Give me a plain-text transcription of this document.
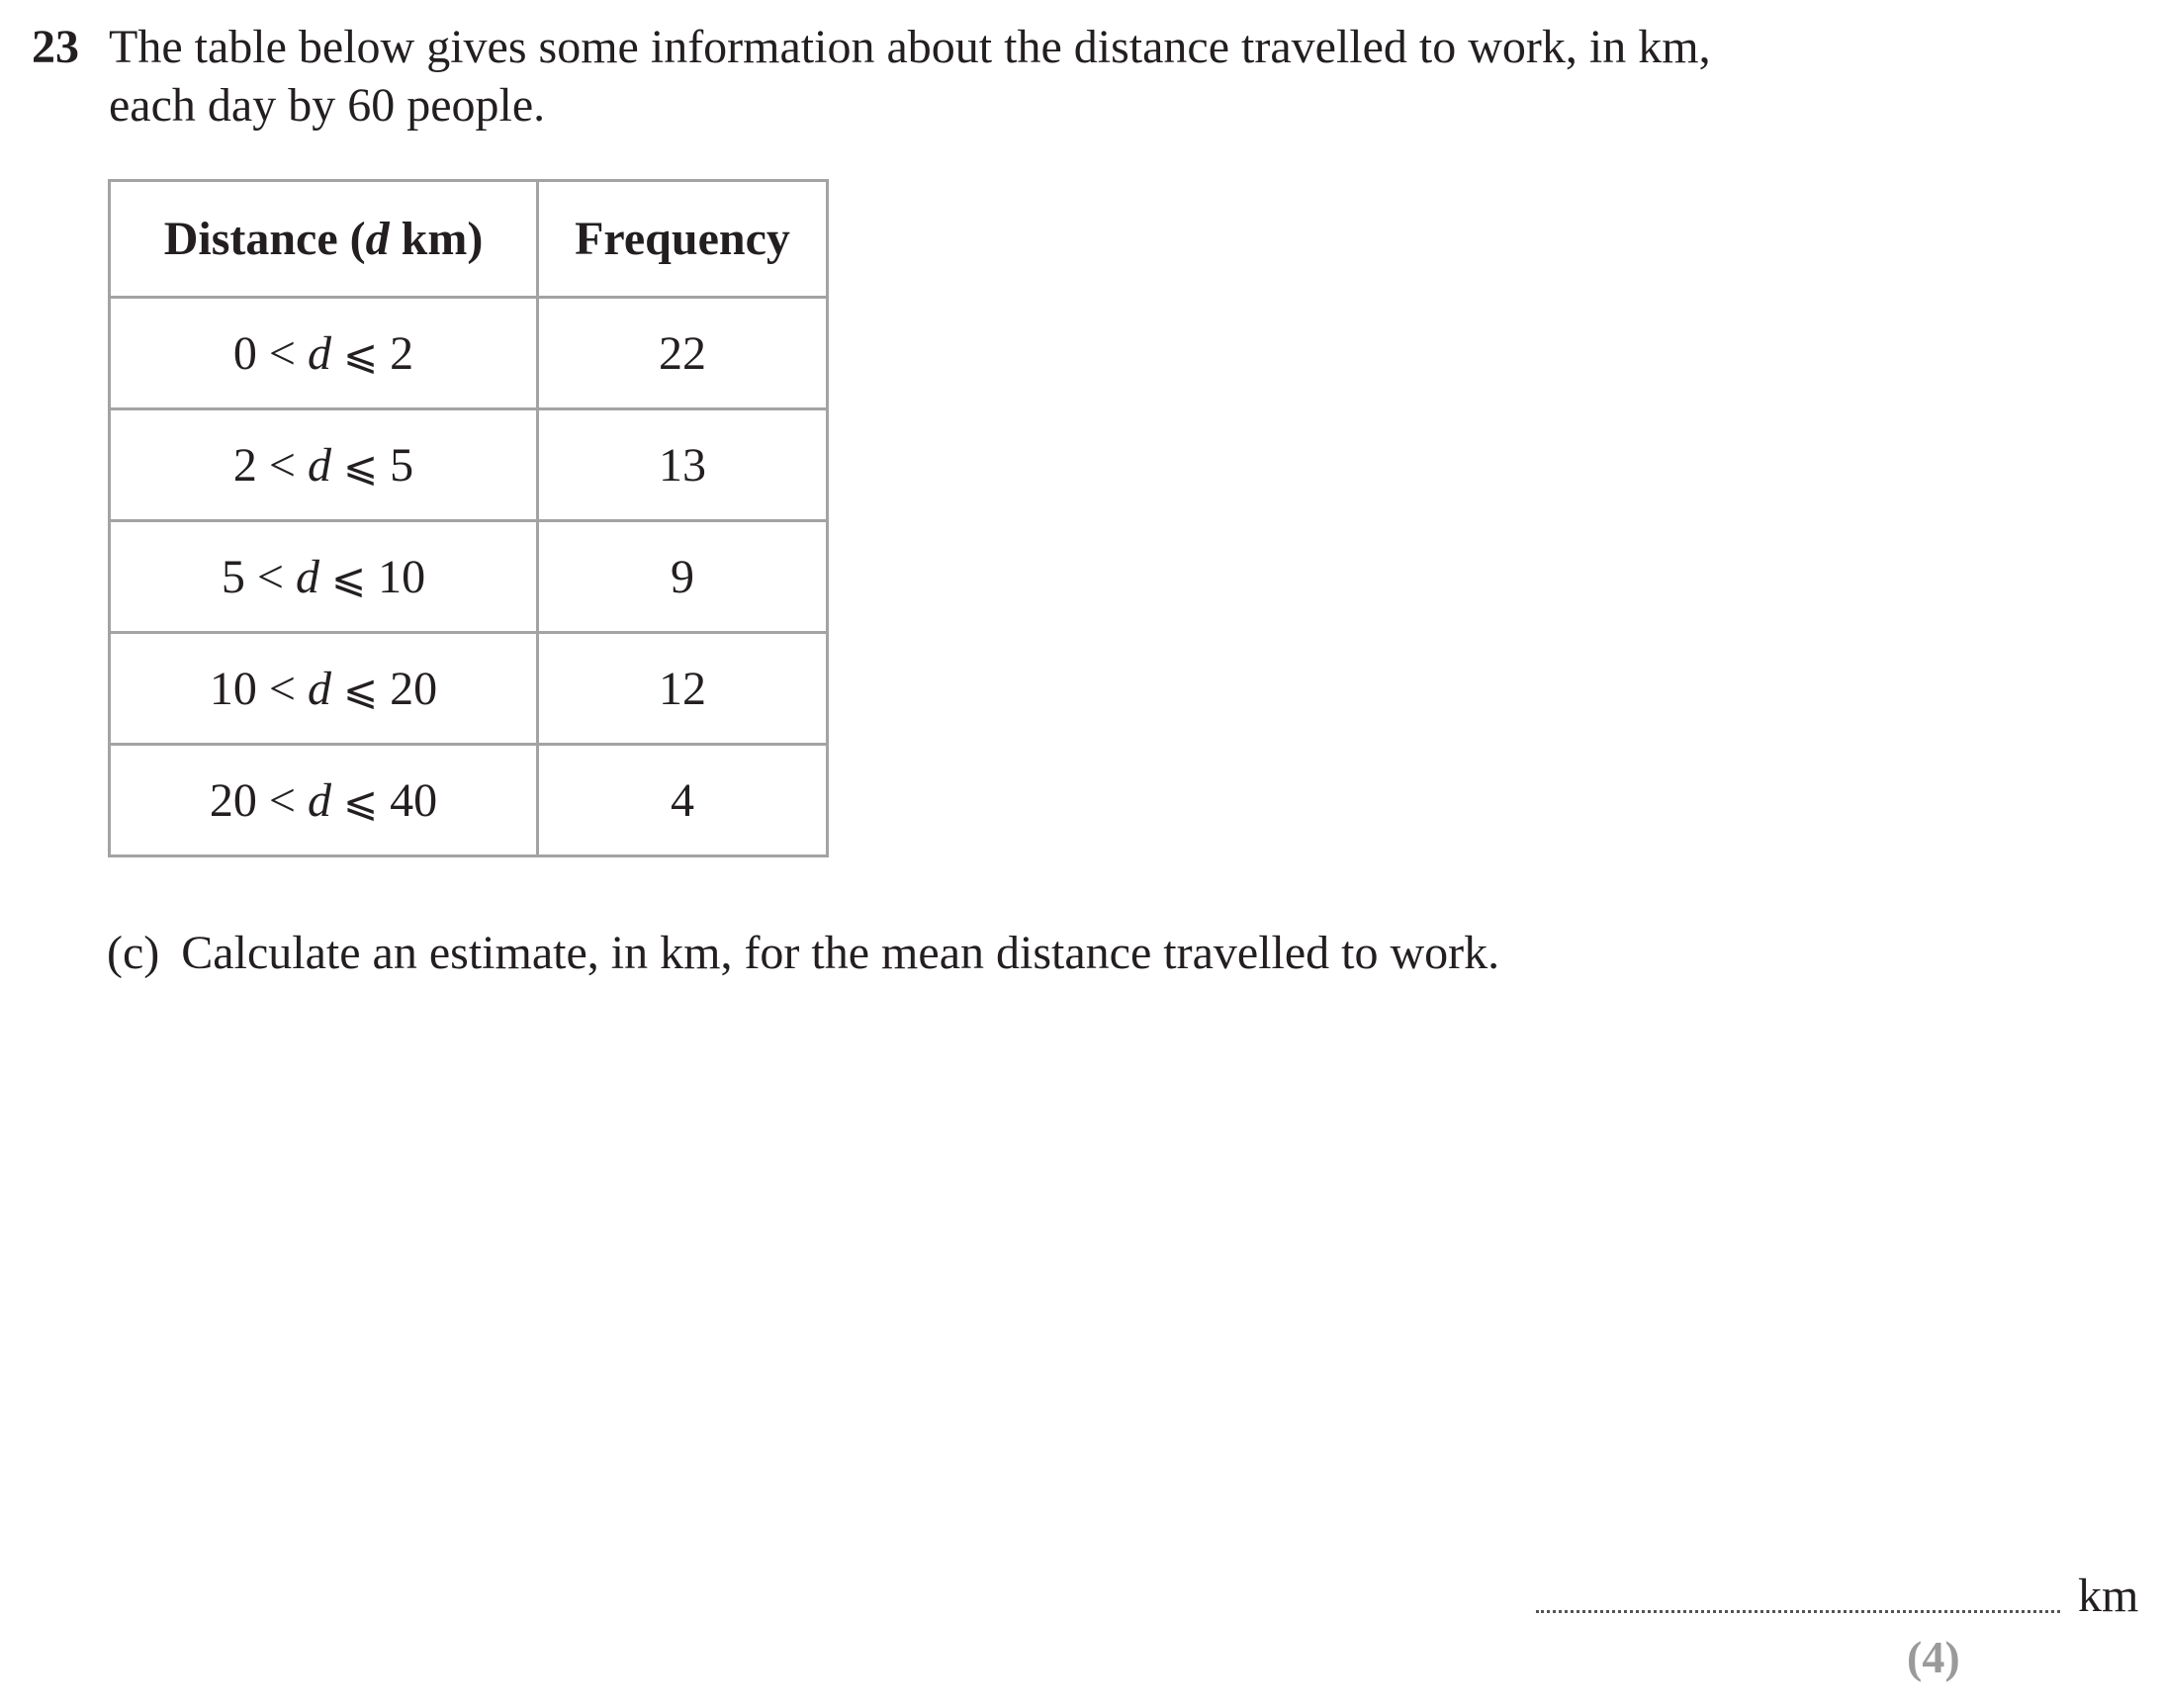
23 The table below gives some information about the distance travelled to work, in km,
each day by 60 people.
Distance (d km)	Frequency
0 < d ⩽ 2	22
2 < d ⩽ 5	13
5 < d ⩽ 10	9
10 < d ⩽ 20	12
20 < d ⩽ 40	4
(c) Calculate an estimate, in km, for the mean distance travelled to work.
km
(4)
